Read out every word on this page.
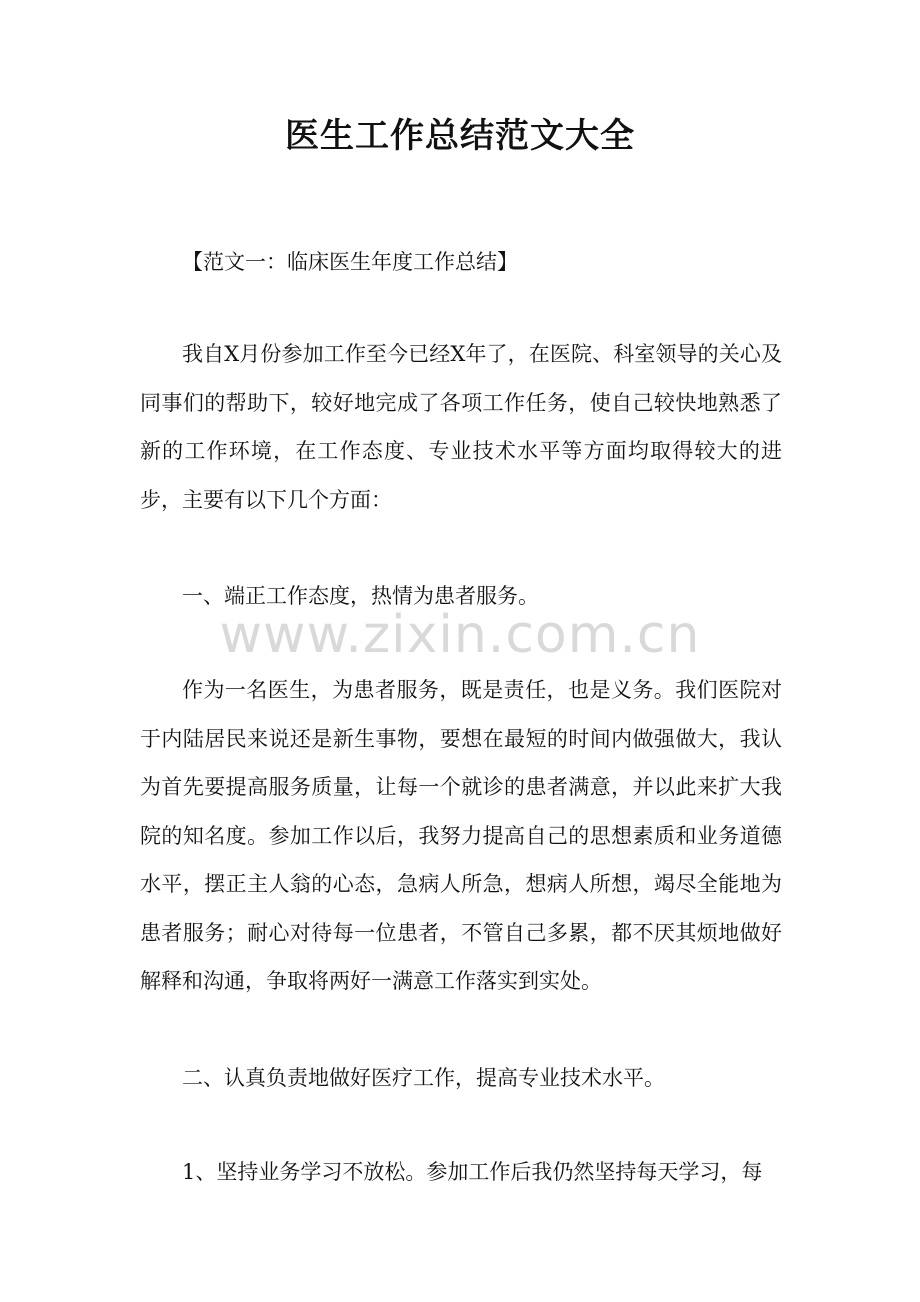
医生工作总结范文大全

【范文一：临床医生年度工作总结】

我自X月份参加工作至今已经X年了，在医院、科室领导的关心及同事们的帮助下，较好地完成了各项工作任务，使自己较快地熟悉了新的工作环境，在工作态度、专业技术水平等方面均取得较大的进步，主要有以下几个方面：

一、端正工作态度，热情为患者服务。

www.zixin.com.cn

作为一名医生，为患者服务，既是责任，也是义务。我们医院对于内陆居民来说还是新生事物，要想在最短的时间内做强做大，我认为首先要提高服务质量，让每一个就诊的患者满意，并以此来扩大我院的知名度。参加工作以后，我努力提高自己的思想素质和业务道德水平，摆正主人翁的心态，急病人所急，想病人所想，竭尽全能地为患者服务；耐心对待每一位患者，不管自己多累，都不厌其烦地做好解释和沟通，争取将两好一满意工作落实到实处。

二、认真负责地做好医疗工作，提高专业技术水平。

1、坚持业务学习不放松。参加工作后我仍然坚持每天学习，每
